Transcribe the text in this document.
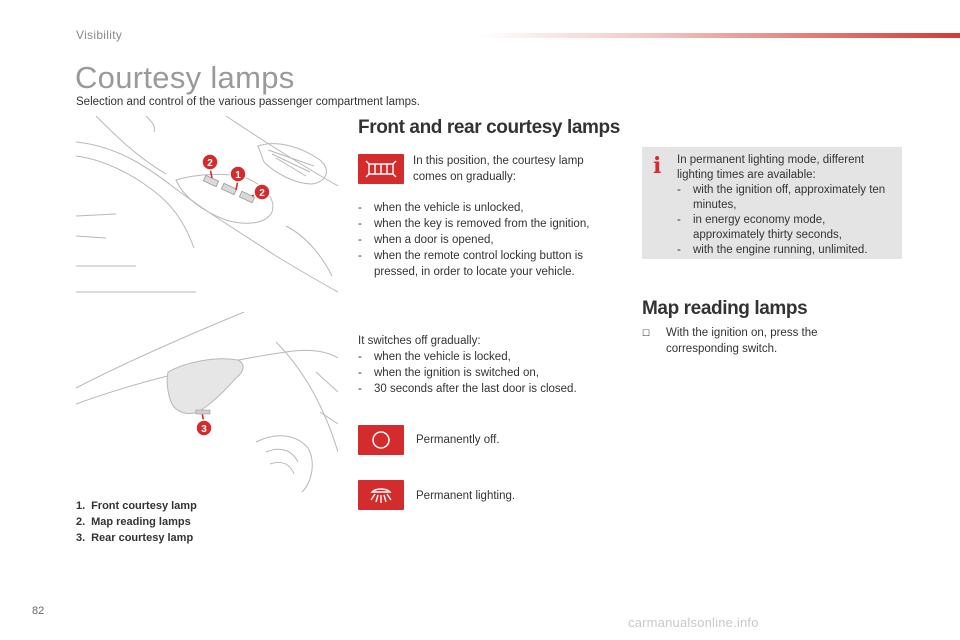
Visibility
Courtesy lamps
Selection and control of the various passenger compartment lamps.
2
1
2
3
1. Front courtesy lamp
2. Map reading lamps
3. Rear courtesy lamp
Front and rear courtesy lamps
In this position, the courtesy lamp comes on gradually:
- when the vehicle is unlocked,
- when the key is removed from the ignition,
- when a door is opened,
- when the remote control locking button is pressed, in order to locate your vehicle.
It switches off gradually:
- when the vehicle is locked,
- when the ignition is switched on,
- 30 seconds after the last door is closed.
Permanently off.
Permanent lighting.
i In permanent lighting mode, different lighting times are available:
- with the ignition off, approximately ten minutes,
- in energy economy mode, approximately thirty seconds,
- with the engine running, unlimited.
Map reading lamps
☐ With the ignition on, press the corresponding switch.
82
carmanualsonline.info
